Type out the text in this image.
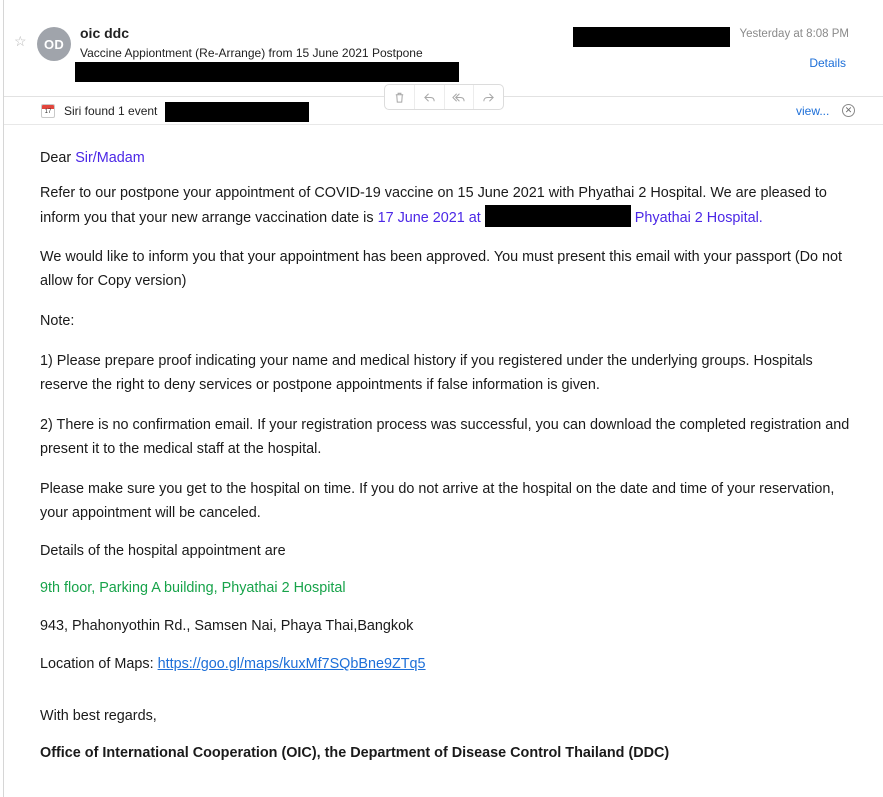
☆	OD
oic ddc
Vaccine Appiontment (Re-Arrange) from 15 June 2021 Postpone
Yesterday at 8:08 PM
Details
17 Siri found 1 event	view...	✕

Dear Sir/Madam

Refer to our postpone your appointment of COVID-19 vaccine on 15 June 2021 with Phyathai 2 Hospital. We are pleased to inform you that your new arrange vaccination date is 17 June 2021 at	Phyathai 2 Hospital.

We would like to inform you that your appointment has been approved. You must present this email with your passport (Do not allow for Copy version)

Note:

1) Please prepare proof indicating your name and medical history if you registered under the underlying groups. Hospitals reserve the right to deny services or postpone appointments if false information is given.

2) There is no confirmation email. If your registration process was successful, you can download the completed registration and present it to the medical staff at the hospital.

Please make sure you get to the hospital on time. If you do not arrive at the hospital on the date and time of your reservation, your appointment will be canceled.

Details of the hospital appointment are

9th floor, Parking A building, Phyathai 2 Hospital

943, Phahonyothin Rd., Samsen Nai, Phaya Thai,Bangkok

Location of Maps: https://goo.gl/maps/kuxMf7SQbBne9ZTq5

With best regards,

Office of International Cooperation (OIC), the Department of Disease Control Thailand (DDC)
